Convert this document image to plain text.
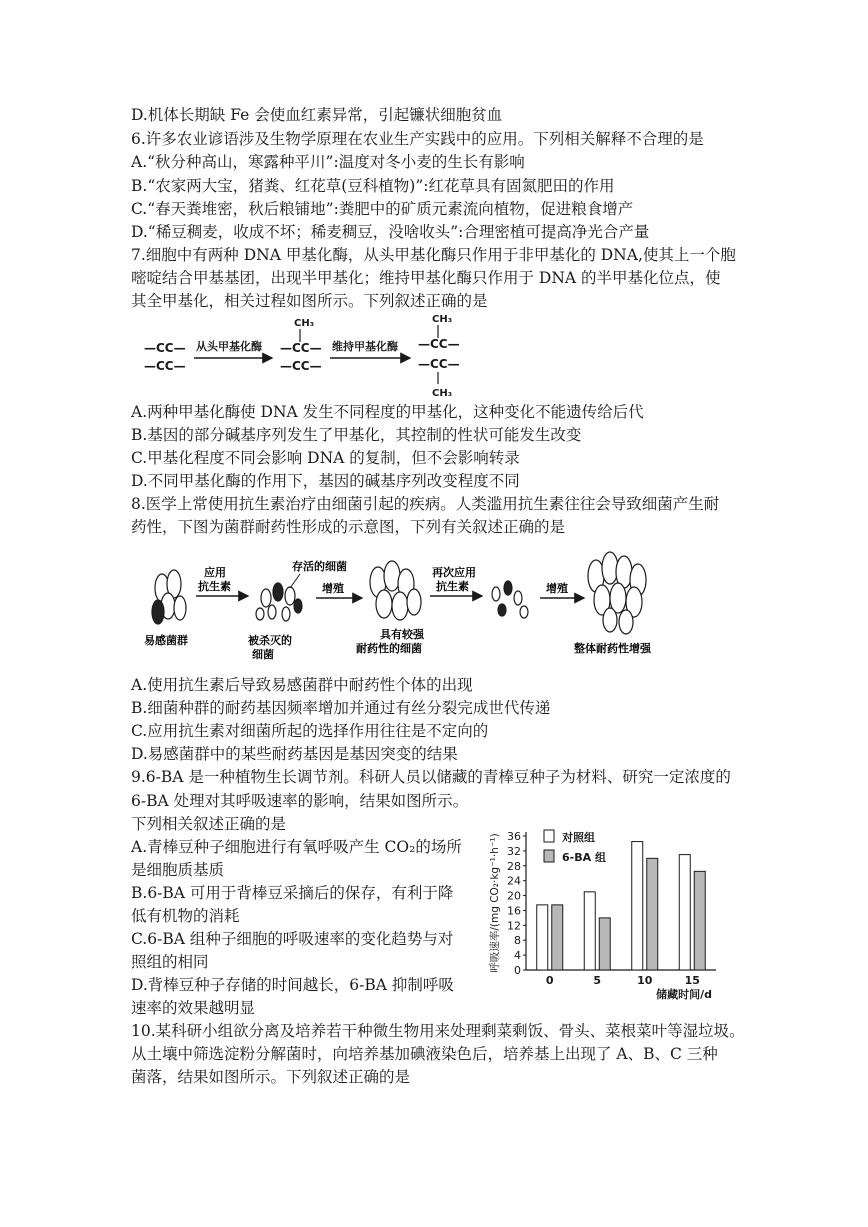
D.机体长期缺 Fe 会使血红素异常，引起镰状细胞贫血
6.许多农业谚语涉及生物学原理在农业生产实践中的应用。下列相关解释不合理的是
A.“秋分种高山，寒露种平川”:温度对冬小麦的生长有影响
B.“农家两大宝，猪粪、红花草(豆科植物)”:红花草具有固氮肥田的作用
C.“春天粪堆密，秋后粮铺地”:粪肥中的矿质元素流向植物，促进粮食增产
D.“稀豆稠麦，收成不坏；稀麦稠豆，没啥收头”:合理密植可提高净光合产量
7.细胞中有两种 DNA 甲基化酶，从头甲基化酶只作用于非甲基化的 DNA,使其上一个胞
嘧啶结合甲基基团，出现半甲基化；维持甲基化酶只作用于 DNA 的半甲基化位点，使
其全甲基化，相关过程如图所示。下列叙述正确的是
—CC—
—CC—
从头甲基化酶
CH₃
—CC—
—CC—
维持甲基化酶
CH₃
—CC—
—CC—
CH₃
A.两种甲基化酶使 DNA 发生不同程度的甲基化，这种变化不能遗传给后代
B.基因的部分碱基序列发生了甲基化，其控制的性状可能发生改变
C.甲基化程度不同会影响 DNA 的复制，但不会影响转录
D.不同甲基化酶的作用下，基因的碱基序列改变程度不同
8.医学上常使用抗生素治疗由细菌引起的疾病。人类滥用抗生素往往会导致细菌产生耐
药性，下图为菌群耐药性形成的示意图，下列有关叙述正确的是
易感菌群
应用
抗生素
存活的细菌
被杀灭的
细菌
增殖
具有较强
耐药性的细菌
再次应用
抗生素	增殖
整体耐药性增强
A.使用抗生素后导致易感菌群中耐药性个体的出现
B.细菌种群的耐药基因频率增加并通过有丝分裂完成世代传递
C.应用抗生素对细菌所起的选择作用往往是不定向的
D.易感菌群中的某些耐药基因是基因突变的结果
9.6-BA 是一种植物生长调节剂。科研人员以储藏的青棒豆种子为材料、研究一定浓度的
6-BA 处理对其呼吸速率的影响，结果如图所示。
下列相关叙述正确的是
A.青棒豆种子细胞进行有氧呼吸产生 CO₂的场所
是细胞质基质
B.6-BA 可用于背棒豆采摘后的保存，有利于降
低有机物的消耗
C.6-BA 组种子细胞的呼吸速率的变化趋势与对
照组的相同
D.背棒豆种子存储的时间越长，6-BA 抑制呼吸
速率的效果越明显
0
4
8
12
16
20
24
28
32
36
呼吸速率/(mg CO₂·kg⁻¹·h⁻¹)
0	5	10	15
储藏时间/d
对照组
6-BA 组
10.某科研小组欲分离及培养若干种微生物用来处理剩菜剩饭、骨头、菜根菜叶等湿垃圾。
从土壤中筛选淀粉分解菌时，向培养基加碘液染色后，培养基上出现了 A、B、C 三种
菌落，结果如图所示。下列叙述正确的是
